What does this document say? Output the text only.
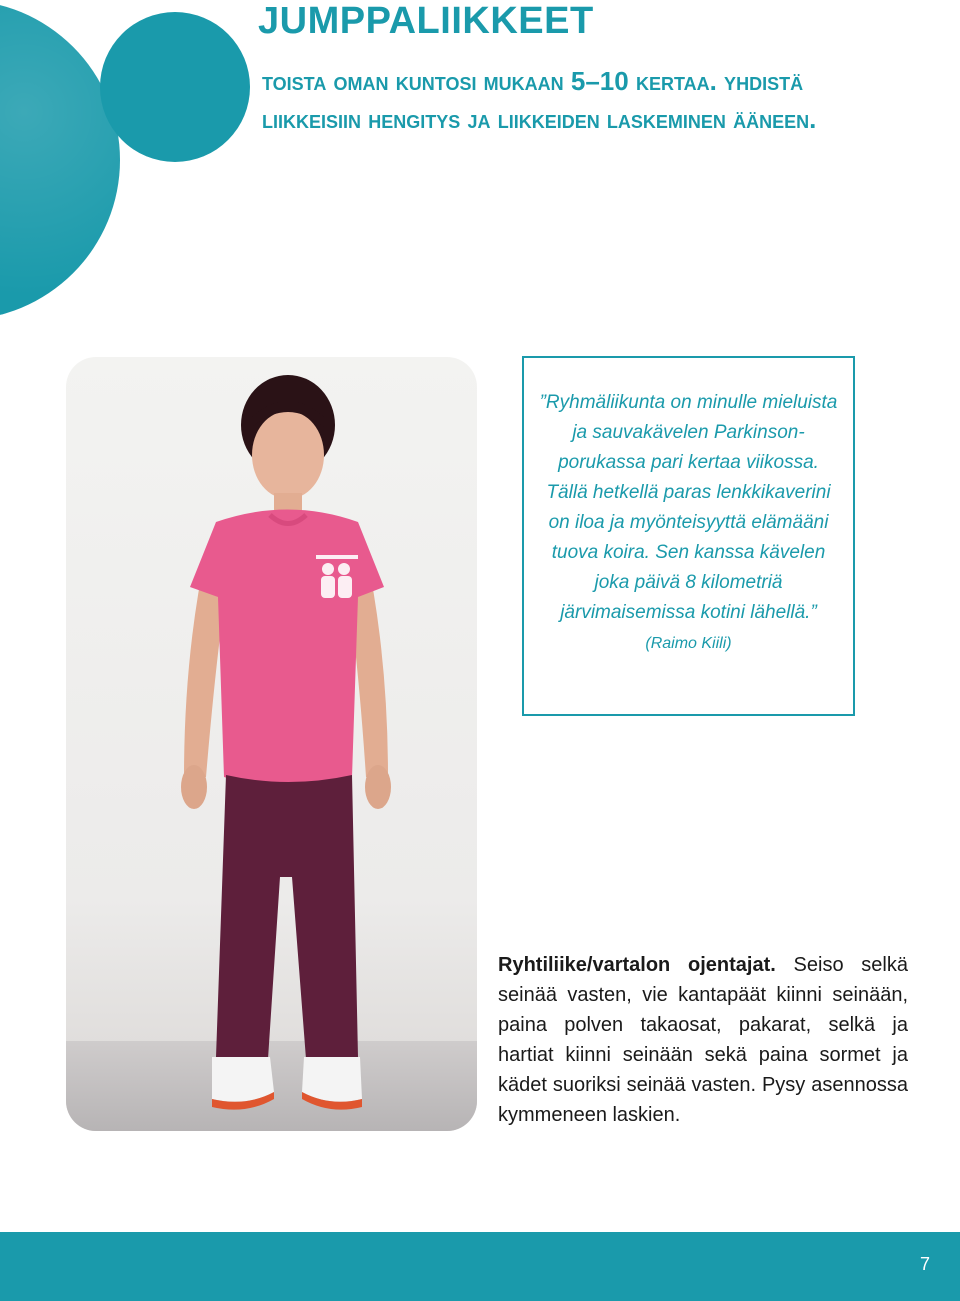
JUMPPALIIKKEET

toista oman kuntosi mukaan 5–10 kertaa. yhdistä liikkeisiin hengitys ja liikkeiden laskeminen ääneen.

”Ryhmäliikunta on minulle mieluista ja sauvakävelen Parkinson-porukassa pari kertaa viikossa. Tällä hetkellä paras lenkkikaverini on iloa ja myönteisyyttä elämääni tuova koira. Sen kanssa kävelen joka päivä 8 kilometriä järvimaisemissa kotini lähellä.” (Raimo Kiili)

Ryhtiliike/vartalon ojentajat. Seiso selkä seinää vasten, vie kantapäät kiinni seinään, paina polven takaosat, pakarat, selkä ja hartiat kiinni seinään sekä paina sormet ja kädet suoriksi seinää vasten. Pysy asennossa kymmeneen laskien.

7
